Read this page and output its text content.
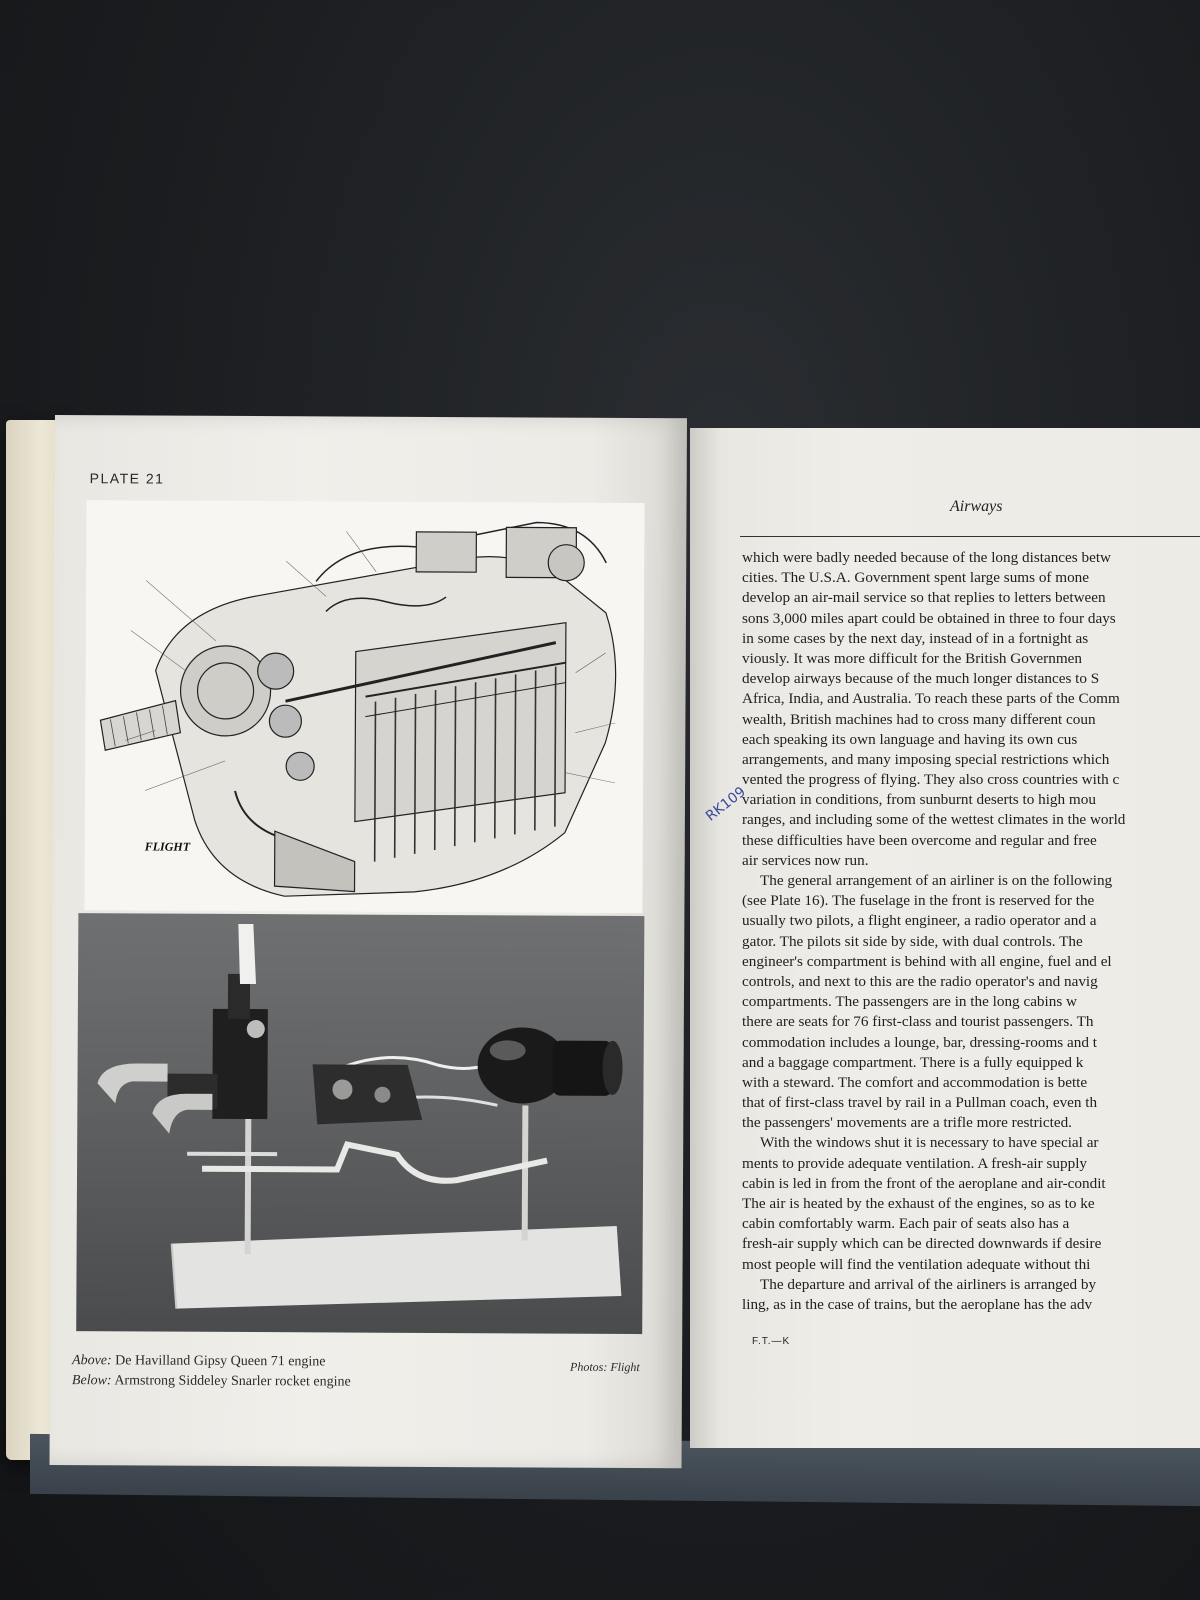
PLATE 21
FLIGHT
Above: De Havilland Gipsy Queen 71 engine
Below: Armstrong Siddeley Snarler rocket engine
Photos: Flight
Airways
which were badly needed because of the long distances betw
cities. The U.S.A. Government spent large sums of mone
develop an air-mail service so that replies to letters between
sons 3,000 miles apart could be obtained in three to four days
in some cases by the next day, instead of in a fortnight as
viously. It was more difficult for the British Governmen
develop airways because of the much longer distances to S
Africa, India, and Australia. To reach these parts of the Comm
wealth, British machines had to cross many different coun
each speaking its own language and having its own cus
arrangements, and many imposing special restrictions which
vented the progress of flying. They also cross countries with c
variation in conditions, from sunburnt deserts to high mou
ranges, and including some of the wettest climates in the world
these difficulties have been overcome and regular and free
air services now run.
The general arrangement of an airliner is on the following
(see Plate 16). The fuselage in the front is reserved for the
usually two pilots, a flight engineer, a radio operator and a
gator. The pilots sit side by side, with dual controls. The
engineer's compartment is behind with all engine, fuel and el
controls, and next to this are the radio operator's and navig
compartments. The passengers are in the long cabins w
there are seats for 76 first-class and tourist passengers. Th
commodation includes a lounge, bar, dressing-rooms and t
and a baggage compartment. There is a fully equipped k
with a steward. The comfort and accommodation is bette
that of first-class travel by rail in a Pullman coach, even th
the passengers' movements are a trifle more restricted.
With the windows shut it is necessary to have special ar
ments to provide adequate ventilation. A fresh-air supply
cabin is led in from the front of the aeroplane and air-condit
The air is heated by the exhaust of the engines, so as to ke
cabin comfortably warm. Each pair of seats also has a
fresh-air supply which can be directed downwards if desire
most people will find the ventilation adequate without thi
The departure and arrival of the airliners is arranged by
ling, as in the case of trains, but the aeroplane has the adv
F.T.—K
RK109
